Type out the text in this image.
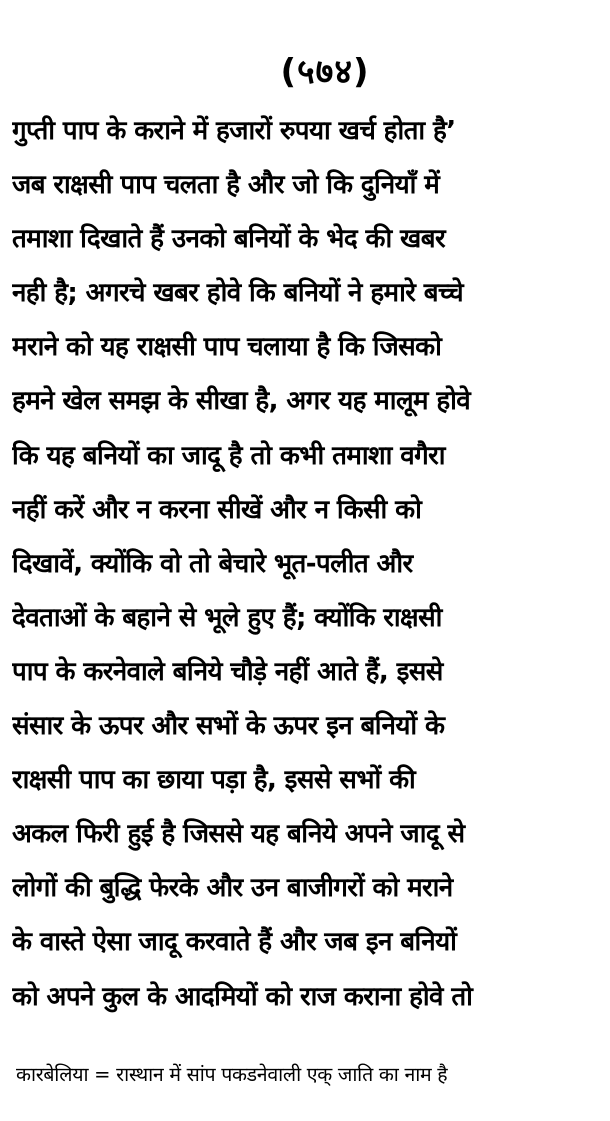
(५७४)
गुप्ती पाप के कराने में हजारों रुपया खर्च होता है’
जब राक्षसी पाप चलता है और जो कि दुनियाँ में
तमाशा दिखाते हैं उनको बनियों के भेद की खबर
नही है; अगरचे खबर होवे कि बनियों ने हमारे बच्चे
मराने को यह राक्षसी पाप चलाया है कि जिसको
हमने खेल समझ के सीखा है, अगर यह मालूम होवे
कि यह बनियों का जादू है तो कभी तमाशा वगैरा
नहीं करें और न करना सीखें और न किसी को
दिखावें, क्योंकि वो तो बेचारे भूत-पलीत और
देवताओं के बहाने से भूले हुए हैं; क्योंकि राक्षसी
पाप के करनेवाले बनिये चौड़े नहीं आते हैं, इससे
संसार के ऊपर और सभों के ऊपर इन बनियों के
राक्षसी पाप का छाया पड़ा है, इससे सभों की
अकल फिरी हुई है जिससे यह बनिये अपने जादू से
लोगों की बुद्धि फेरके और उन बाजीगरों को मराने
के वास्ते ऐसा जादू करवाते हैं और जब इन बनियों
को अपने कुल के आदमियों को राज कराना होवे तो
कारबेलिया = रास्थान में सांप पकडनेवाली एक् जाति का नाम है
